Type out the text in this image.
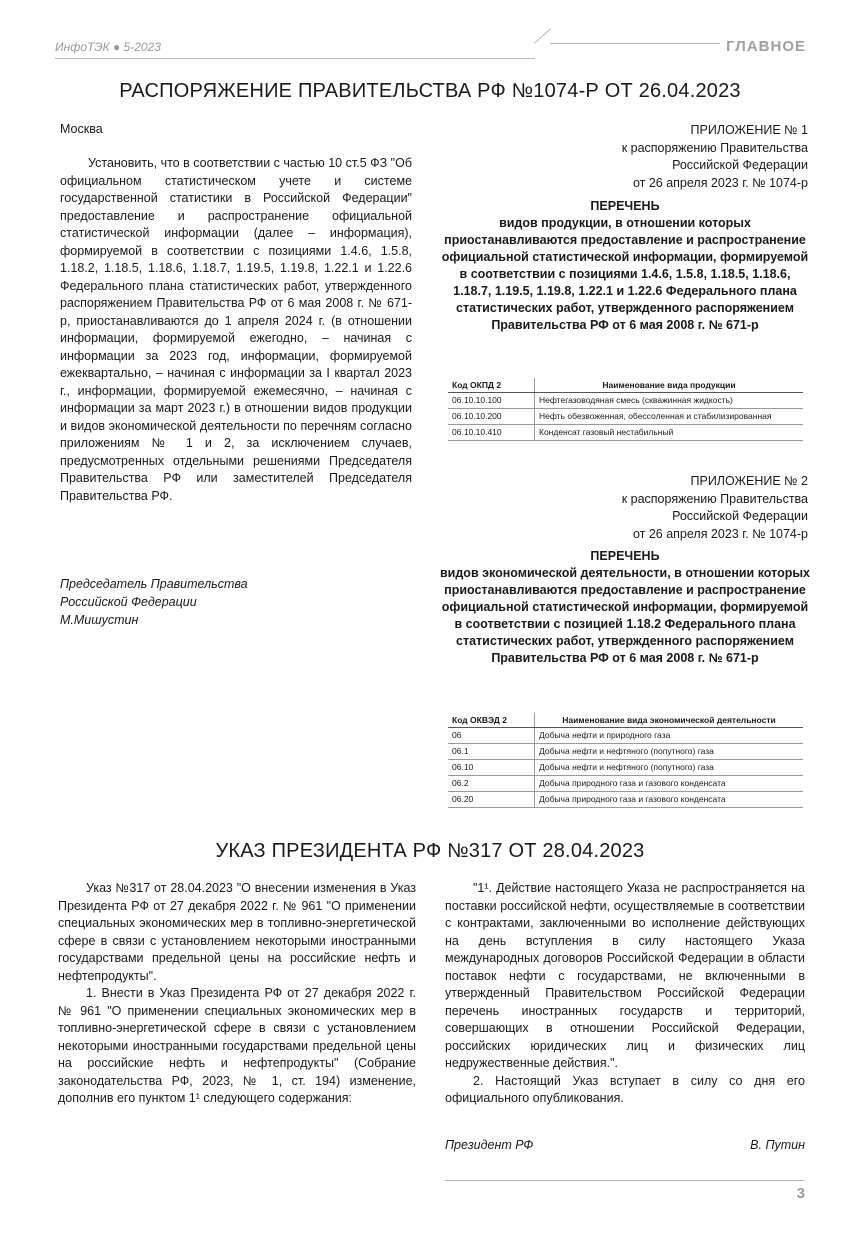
ИнфоТЭК ● 5-2023	ГЛАВНОЕ
РАСПОРЯЖЕНИЕ ПРАВИТЕЛЬСТВА РФ №1074-Р ОТ 26.04.2023
Москва
Установить, что в соответствии с частью 10 ст.5 ФЗ "Об официальном статистическом учете и системе государственной статистики в Российской Федерации" предоставление и распространение официальной статистической информации (далее – информация), формируемой в соответствии с позициями 1.4.6, 1.5.8, 1.18.2, 1.18.5, 1.18.6, 1.18.7, 1.19.5, 1.19.8, 1.22.1 и 1.22.6 Федерального плана статистических работ, утвержденного распоряжением Правительства РФ от 6 мая 2008 г. № 671-р, приостанавливаются до 1 апреля 2024 г. (в отношении информации, формируемой ежегодно, – начиная с информации за 2023 год, информации, формируемой ежеквартально, – начиная с информации за I квартал 2023 г., информации, формируемой ежемесячно, – начиная с информации за март 2023 г.) в отношении видов продукции и видов экономической деятельности по перечням согласно приложениям № 1 и 2, за исключением случаев, предусмотренных отдельными решениями Председателя Правительства РФ или заместителей Председателя Правительства РФ.
Председатель Правительства
Российской Федерации
М.Мишустин
ПРИЛОЖЕНИЕ № 1
к распоряжению Правительства
Российской Федерации
от 26 апреля 2023 г. № 1074-р
ПЕРЕЧЕНЬ
видов продукции, в отношении которых приостанавливаются предоставление и распространение официальной статистической информации, формируемой в соответствии с позициями 1.4.6, 1.5.8, 1.18.5, 1.18.6, 1.18.7, 1.19.5, 1.19.8, 1.22.1 и 1.22.6 Федерального плана статистических работ, утвержденного распоряжением Правительства РФ от 6 мая 2008 г. № 671-р
Код ОКПД 2	Наименование вида продукции
06.10.10.100	Нефтегазоводяная смесь (скважинная жидкость)
06.10.10.200	Нефть обезвоженная, обессоленная и стабилизированная
06.10.10.410	Конденсат газовый нестабильный
ПРИЛОЖЕНИЕ № 2
к распоряжению Правительства
Российской Федерации
от 26 апреля 2023 г. № 1074-р
ПЕРЕЧЕНЬ
видов экономической деятельности, в отношении которых приостанавливаются предоставление и распространение официальной статистической информации, формируемой в соответствии с позицией 1.18.2 Федерального плана статистических работ, утвержденного распоряжением Правительства РФ от 6 мая 2008 г. № 671-р
Код ОКВЭД 2	Наименование вида экономической деятельности
06	Добыча нефти и природного газа
06.1	Добыча нефти и нефтяного (попутного) газа
06.10	Добыча нефти и нефтяного (попутного) газа
06.2	Добыча природного газа и газового конденсата
06.20	Добыча природного газа и газового конденсата
УКАЗ ПРЕЗИДЕНТА РФ №317 ОТ 28.04.2023

Указ №317 от 28.04.2023 "О внесении изменения в Указ Президента РФ от 27 декабря 2022 г. № 961 "О применении специальных экономических мер в топливно-энергетической сфере в связи с установлением некоторыми иностранными государствами предельной цены на российские нефть и нефтепродукты".

1. Внести в Указ Президента РФ от 27 декабря 2022 г. № 961 "О применении специальных экономических мер в топливно-энергетической сфере в связи с установлением некоторыми иностранными государствами предельной цены на российские нефть и нефтепродукты" (Собрание законодательства РФ, 2023, № 1, ст. 194) изменение, дополнив его пунктом 1¹ следующего содержания:

"1¹. Действие настоящего Указа не распространяется на поставки российской нефти, осуществляемые в соответствии с контрактами, заключенными во исполнение действующих на день вступления в силу настоящего Указа международных договоров Российской Федерации в области поставок нефти с государствами, не включенными в утвержденный Правительством Российской Федерации перечень иностранных государств и территорий, совершающих в отношении Российской Федерации, российских юридических лиц и физических лиц недружественные действия.".

2. Настоящий Указ вступает в силу со дня его официального опубликования.

Президент РФ	В. Путин
3
